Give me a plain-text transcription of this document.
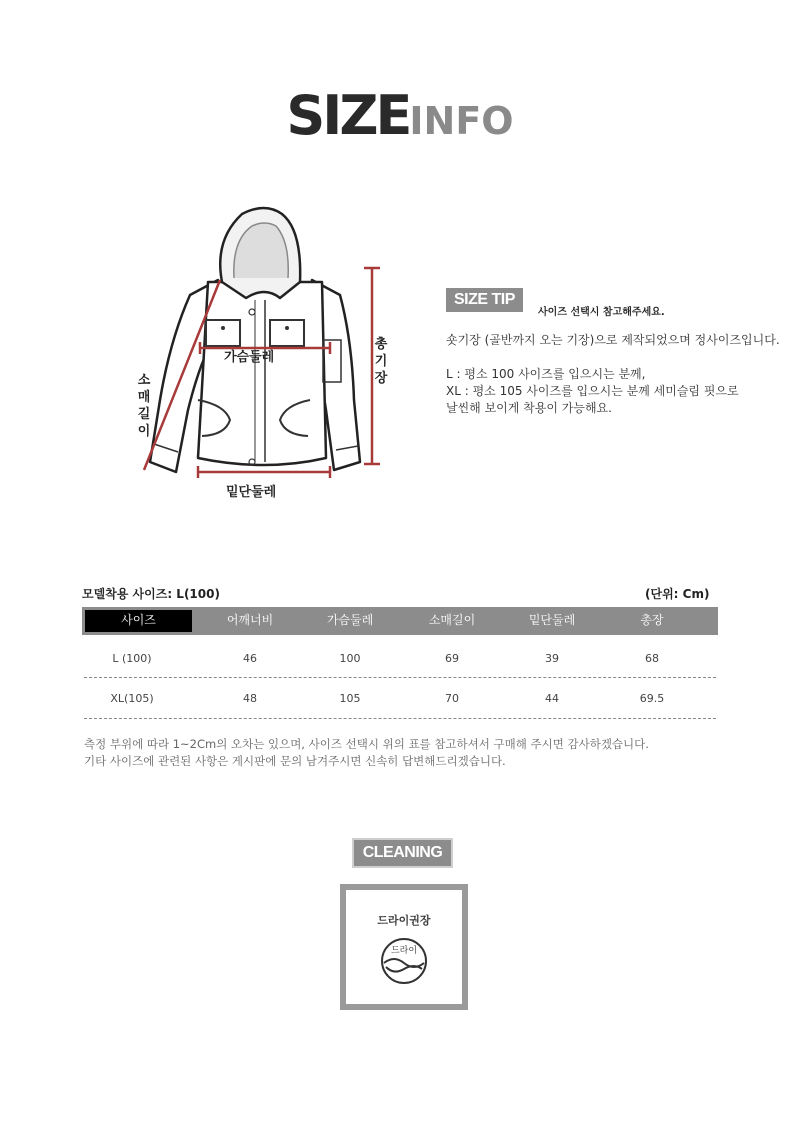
SIZEINFO
소
매
길
이
가슴둘레
밑단둘레
총
기
장
SIZE TIP
사이즈 선택시 참고해주세요.
숏기장 (골반까지 오는 기장)으로 제작되었으며 정사이즈입니다.
L : 평소 100 사이즈를 입으시는 분께,
XL : 평소 105 사이즈를 입으시는 분께 세미슬림 핏으로
날씬해 보이게 착용이 가능해요.
모델착용 사이즈: L(100)	(단위: Cm)
사이즈	어깨너비	가슴둘레	소매길이	밑단둘레	총장
L (100)	46	100	69	39	68
XL(105)	48	105	70	44	69.5
측정 부위에 따라 1~2Cm의 오차는 있으며, 사이즈 선택시 위의 표를 참고하셔서 구매해 주시면 감사하겠습니다.
기타 사이즈에 관련된 사항은 게시판에 문의 남겨주시면 신속히 답변해드리겠습니다.
CLEANING
드라이권장
드라이
